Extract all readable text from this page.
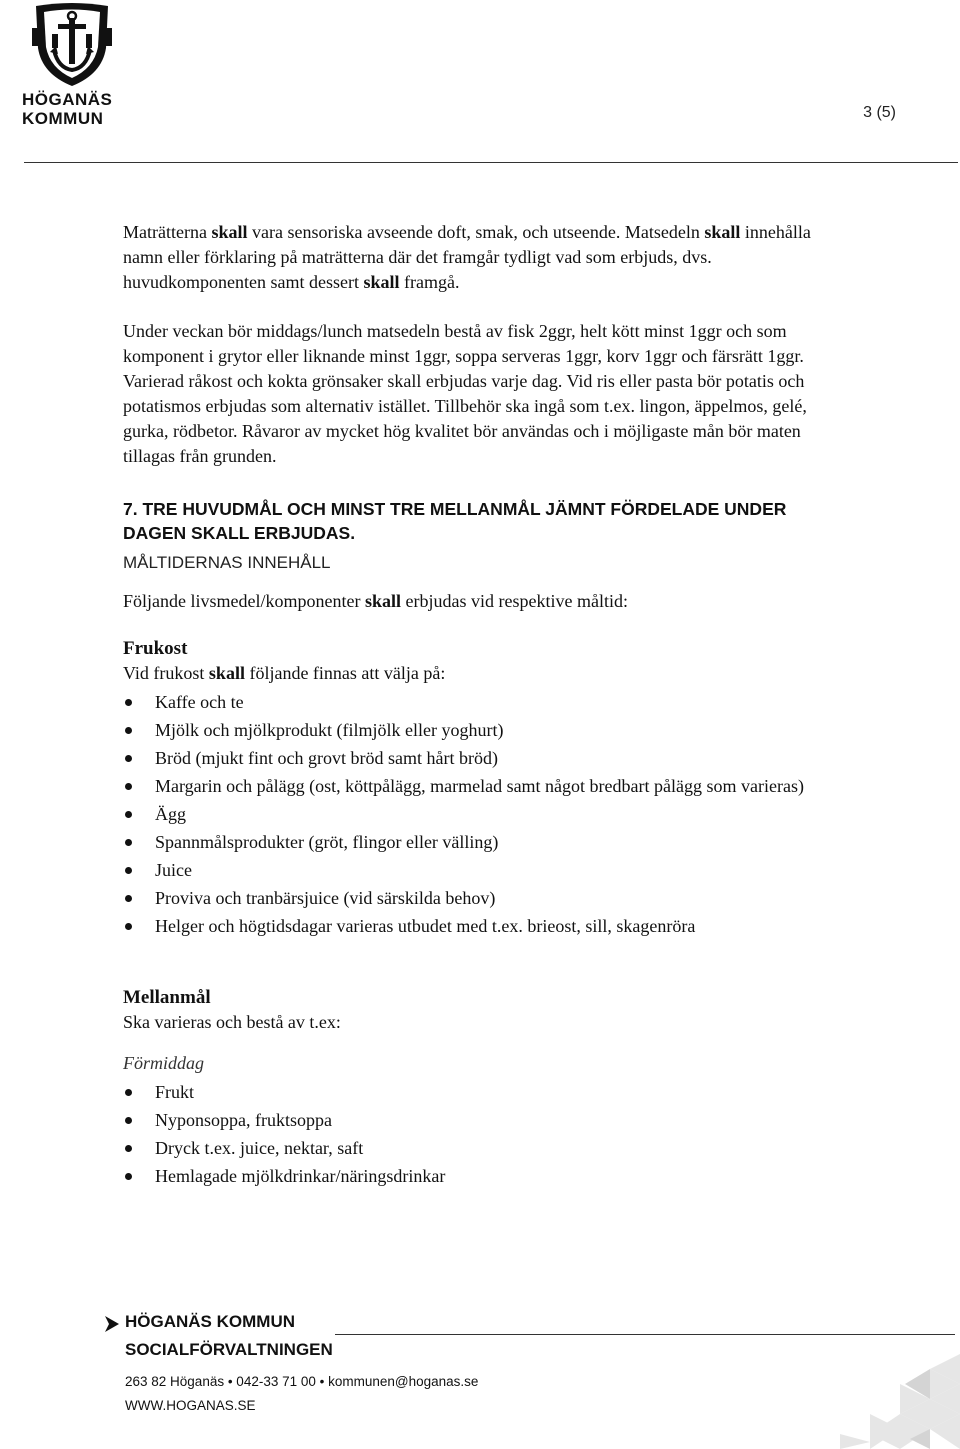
HÖGANÄS
KOMMUN	3 (5)

Maträtterna skall vara sensoriska avseende doft, smak, och utseende. Matsedeln skall innehålla namn eller förklaring på maträtterna där det framgår tydligt vad som erbjuds, dvs. huvudkomponenten samt dessert skall framgå.

Under veckan bör middags/lunch matsedeln bestå av fisk 2ggr, helt kött minst 1ggr och som komponent i grytor eller liknande minst 1ggr, soppa serveras 1ggr, korv 1ggr och färsrätt 1ggr. Varierad råkost och kokta grönsaker skall erbjudas varje dag. Vid ris eller pasta bör potatis och potatismos erbjudas som alternativ istället. Tillbehör ska ingå som t.ex. lingon, äppelmos, gelé, gurka, rödbetor. Råvaror av mycket hög kvalitet bör användas och i möjligaste mån bör maten tillagas från grunden.

7. TRE HUVUDMÅL OCH MINST TRE MELLANMÅL JÄMNT FÖRDELADE UNDER DAGEN SKALL ERBJUDAS.
MÅLTIDERNAS INNEHÅLL

Följande livsmedel/komponenter skall erbjudas vid respektive måltid:

Frukost

Vid frukost skall följande finnas att välja på:

Kaffe och te
Mjölk och mjölkprodukt (filmjölk eller yoghurt)
Bröd (mjukt fint och grovt bröd samt hårt bröd)
Margarin och pålägg (ost, köttpålägg, marmelad samt något bredbart pålägg som varieras)
Ägg
Spannmålsprodukter (gröt, flingor eller välling)
Juice
Proviva och tranbärsjuice (vid särskilda behov)
Helger och högtidsdagar varieras utbudet med t.ex. brieost, sill, skagenröra
Mellanmål

Ska varieras och bestå av t.ex:

Förmiddag
Frukt
Nyponsoppa, fruktsoppa
Dryck t.ex. juice, nektar, saft
Hemlagade mjölkdrinkar/näringsdrinkar
HÖGANÄS KOMMUN
SOCIALFÖRVALTNINGEN
263 82 Höganäs • 042-33 71 00 • kommunen@hoganas.se
WWW.HOGANAS.SE
